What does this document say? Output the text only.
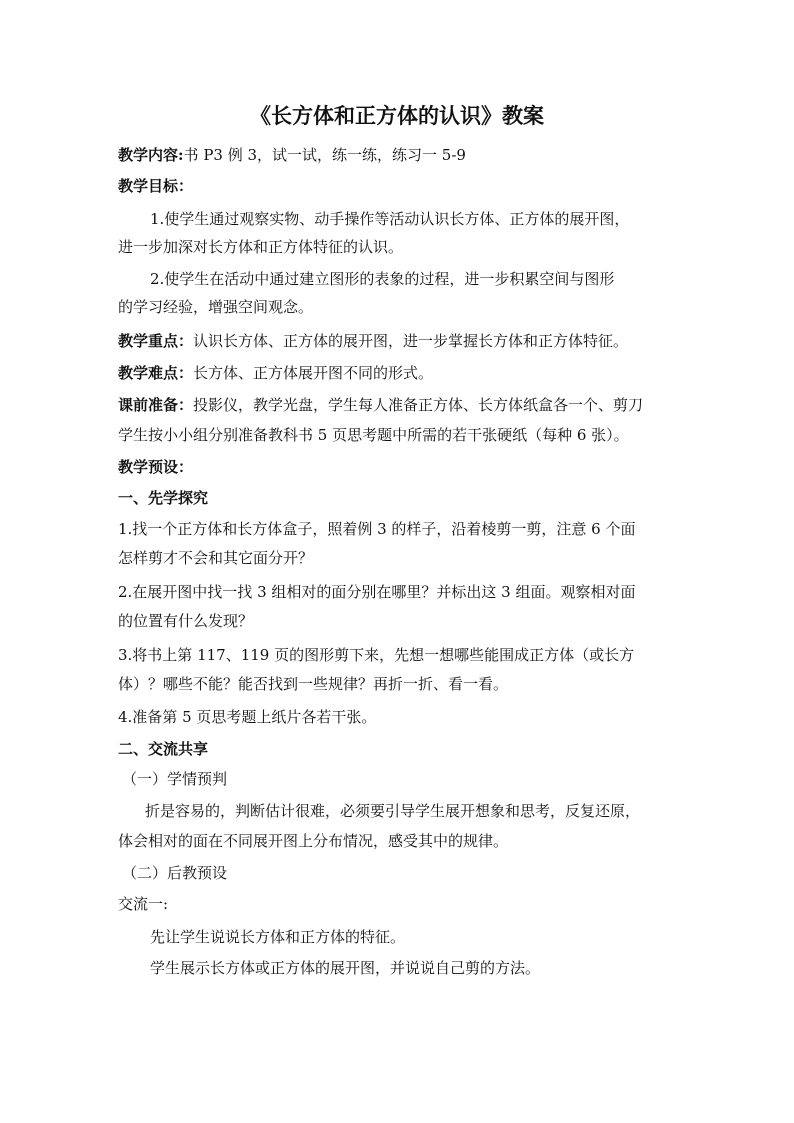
《长方体和正方体的认识》教案
教学内容:书 P3 例 3，试一试，练一练，练习一 5-9
教学目标：
1.使学生通过观察实物、动手操作等活动认识长方体、正方体的展开图，
进一步加深对长方体和正方体特征的认识。
2.使学生在活动中通过建立图形的表象的过程，进一步积累空间与图形
的学习经验，增强空间观念。
教学重点：认识长方体、正方体的展开图，进一步掌握长方体和正方体特征。
教学难点：长方体、正方体展开图不同的形式。
课前准备：投影仪，教学光盘，学生每人准备正方体、长方体纸盒各一个、剪刀
学生按小小组分别准备教科书 5 页思考题中所需的若干张硬纸（每种 6 张）。
教学预设：
一、先学探究
1.找一个正方体和长方体盒子，照着例 3 的样子，沿着棱剪一剪，注意 6 个面
怎样剪才不会和其它面分开？
2.在展开图中找一找 3 组相对的面分别在哪里？并标出这 3 组面。观察相对面
的位置有什么发现？
3.将书上第 117、119 页的图形剪下来，先想一想哪些能围成正方体（或长方
体）？哪些不能？能否找到一些规律？再折一折、看一看。
4.准备第 5 页思考题上纸片各若干张。
二、交流共享
（一）学情预判
折是容易的，判断估计很难，必须要引导学生展开想象和思考，反复还原，
体会相对的面在不同展开图上分布情况，感受其中的规律。
（二）后教预设
交流一:
先让学生说说长方体和正方体的特征。
学生展示长方体或正方体的展开图，并说说自己剪的方法。
